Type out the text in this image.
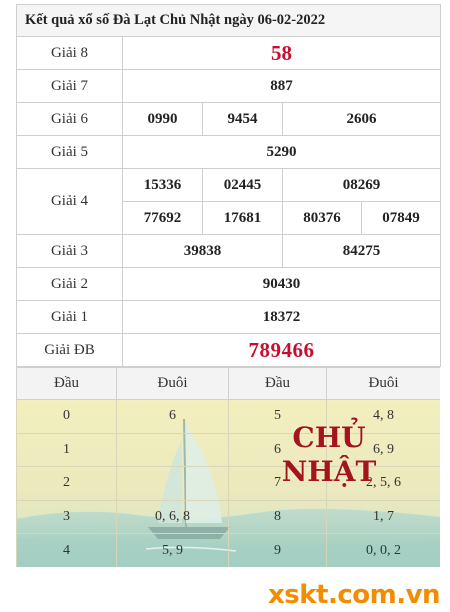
Kết quả xổ số Đà Lạt Chủ Nhật ngày 06-02-2022				
Giải 8	58			
Giải 7	887			
Giải 6	0990	9454	2606	
Giải 5	5290			
Giải 4	15336	02445	08269	
	77692	17681	80376	07849
Giải 3	39838		84275	
Giải 2	90430			
Giải 1	18372			
Giải ĐB	789466			
Đầu	Đuôi	Đầu	Đuôi
0	6	5	4, 8
1		6	6, 9
2		7	2, 5, 6
3	0, 6, 8	8	1, 7
4	5, 9	9	0, 0, 2
CHỦ
NHẬT
xskt.com.vn
